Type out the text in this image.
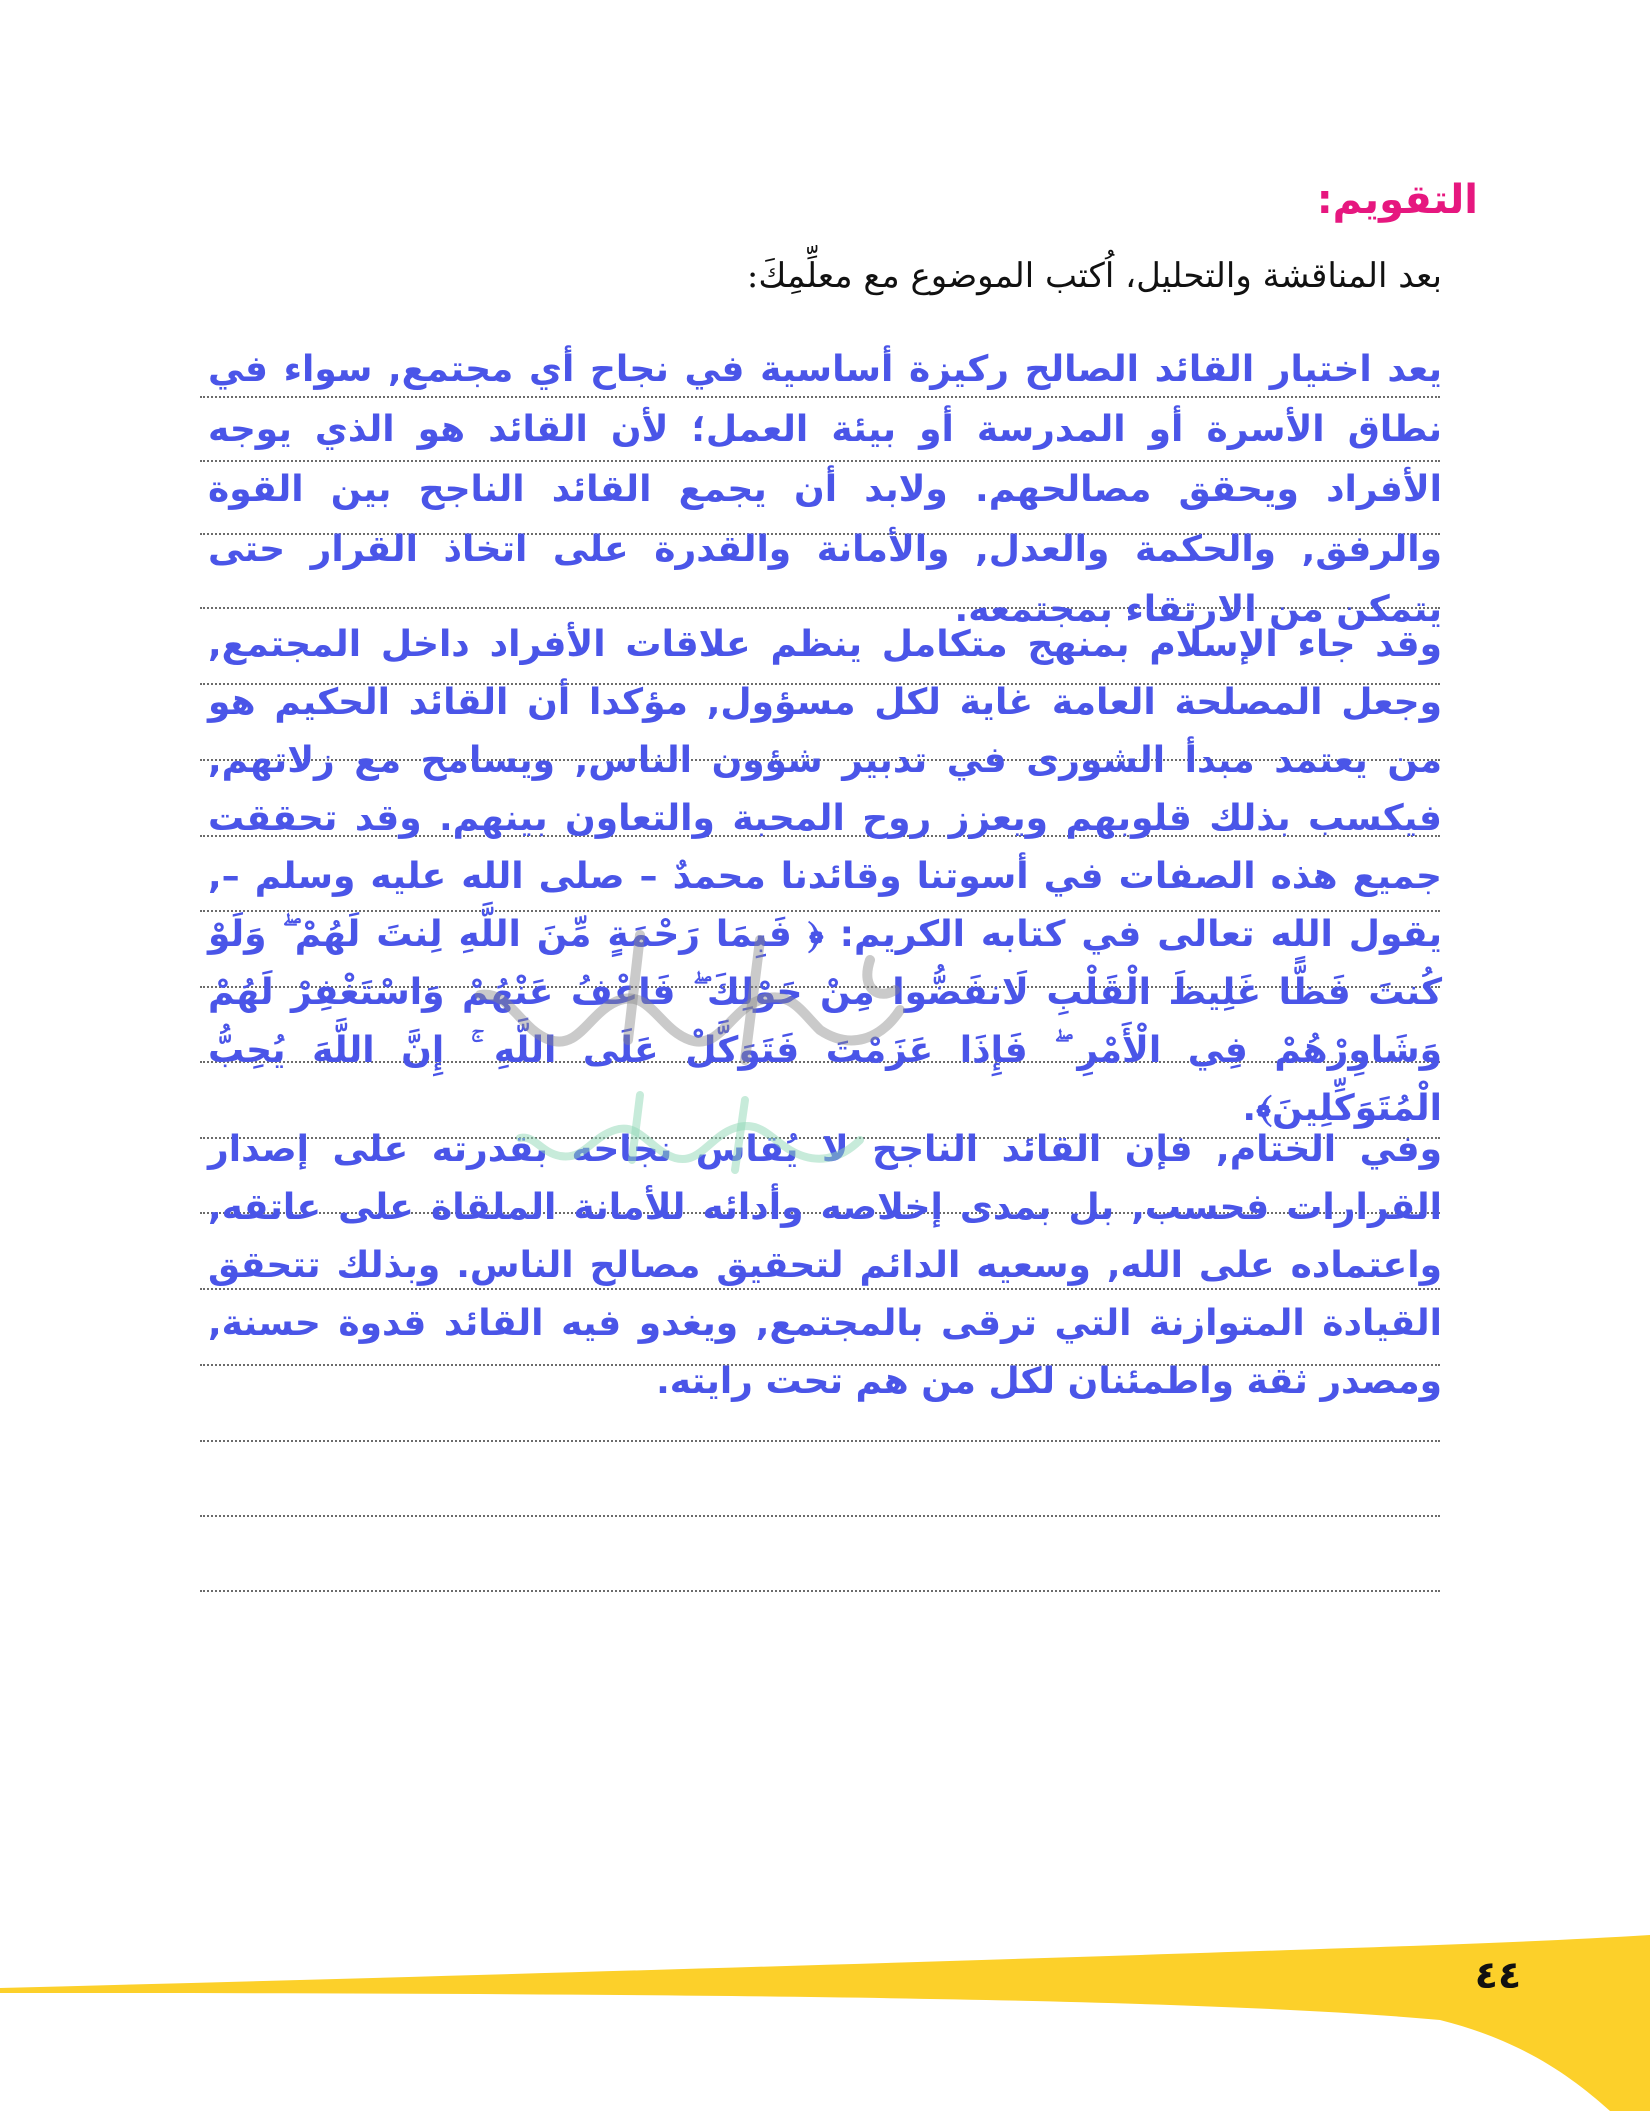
التقويم:
بعد المناقشة والتحليل، اُكتب الموضوع مع معلِّمِكَ:
يعد اختيار القائد الصالح ركيزة أساسية في نجاح أي مجتمع, سواء في نطاق الأسرة أو المدرسة أو بيئة العمل؛ لأن القائد هو الذي يوجه الأفراد ويحقق مصالحهم. ولابد أن يجمع القائد الناجح بين القوة والرفق, والحكمة والعدل, والأمانة والقدرة على اتخاذ القرار حتى يتمكن من الارتقاء بمجتمعه.
وقد جاء الإسلام بمنهج متكامل ينظم علاقات الأفراد داخل المجتمع, وجعل المصلحة العامة غاية لكل مسؤول, مؤكدا أن القائد الحكيم هو من يعتمد مبدأ الشورى في تدبير شؤون الناس, ويسامح مع زلاتهم, فيكسب بذلك قلوبهم ويعزز روح المحبة والتعاون بينهم. وقد تحققت جميع هذه الصفات في أسوتنا وقائدنا محمدٌ – صلى الله عليه وسلم –, يقول الله تعالى في كتابه الكريم: ﴿ فَبِمَا رَحْمَةٍ مِّنَ اللَّهِ لِنتَ لَهُمْ ۖ وَلَوْ كُنتَ فَظًّا غَلِيظَ الْقَلْبِ لَانفَضُّوا مِنْ حَوْلِكَ ۖ فَاعْفُ عَنْهُمْ وَاسْتَغْفِرْ لَهُمْ وَشَاوِرْهُمْ فِي الْأَمْرِ ۖ فَإِذَا عَزَمْتَ فَتَوَكَّلْ عَلَى اللَّهِ ۚ إِنَّ اللَّهَ يُحِبُّ الْمُتَوَكِّلِينَ﴾.
وفي الختام, فإن القائد الناجح لا يُقاس نجاحه بقدرته على إصدار القرارات فحسب, بل بمدى إخلاصه وأدائه للأمانة الملقاة على عاتقه, واعتماده على الله, وسعيه الدائم لتحقيق مصالح الناس. وبذلك تتحقق القيادة المتوازنة التي ترقى بالمجتمع, ويغدو فيه القائد قدوة حسنة, ومصدر ثقة واطمئنان لكل من هم تحت رايته.
٤٤
